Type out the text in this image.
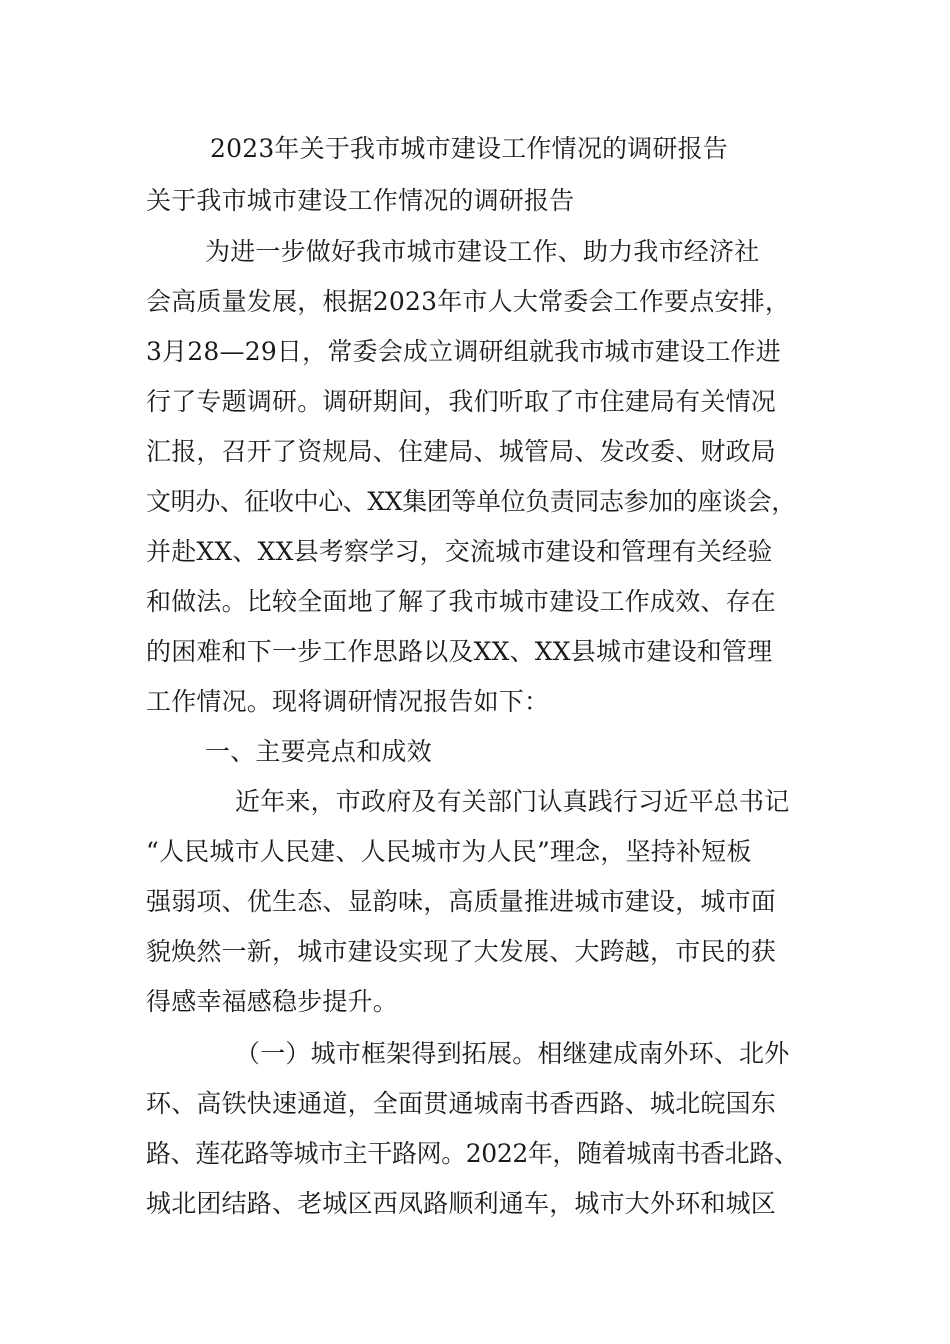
2023年关于我市城市建设工作情况的调研报告
关于我市城市建设工作情况的调研报告
为进一步做好我市城市建设工作、助力我市经济社
会高质量发展，根据2023年市人大常委会工作要点安排，
3月28—29日，常委会成立调研组就我市城市建设工作进
行了专题调研。调研期间，我们听取了市住建局有关情况
汇报，召开了资规局、住建局、城管局、发改委、财政局
文明办、征收中心、XX集团等单位负责同志参加的座谈会，
并赴XX、XX县考察学习，交流城市建设和管理有关经验
和做法。比较全面地了解了我市城市建设工作成效、存在
的困难和下一步工作思路以及XX、XX县城市建设和管理
工作情况。现将调研情况报告如下：
一、主要亮点和成效
近年来，市政府及有关部门认真践行习近平总书记
“人民城市人民建、人民城市为人民”理念，坚持补短板
强弱项、优生态、显韵味，高质量推进城市建设，城市面
貌焕然一新，城市建设实现了大发展、大跨越，市民的获
得感幸福感稳步提升。
（一）城市框架得到拓展。相继建成南外环、北外
环、高铁快速通道，全面贯通城南书香西路、城北皖国东
路、莲花路等城市主干路网。2022年，随着城南书香北路、
城北团结路、老城区西凤路顺利通车，城市大外环和城区
